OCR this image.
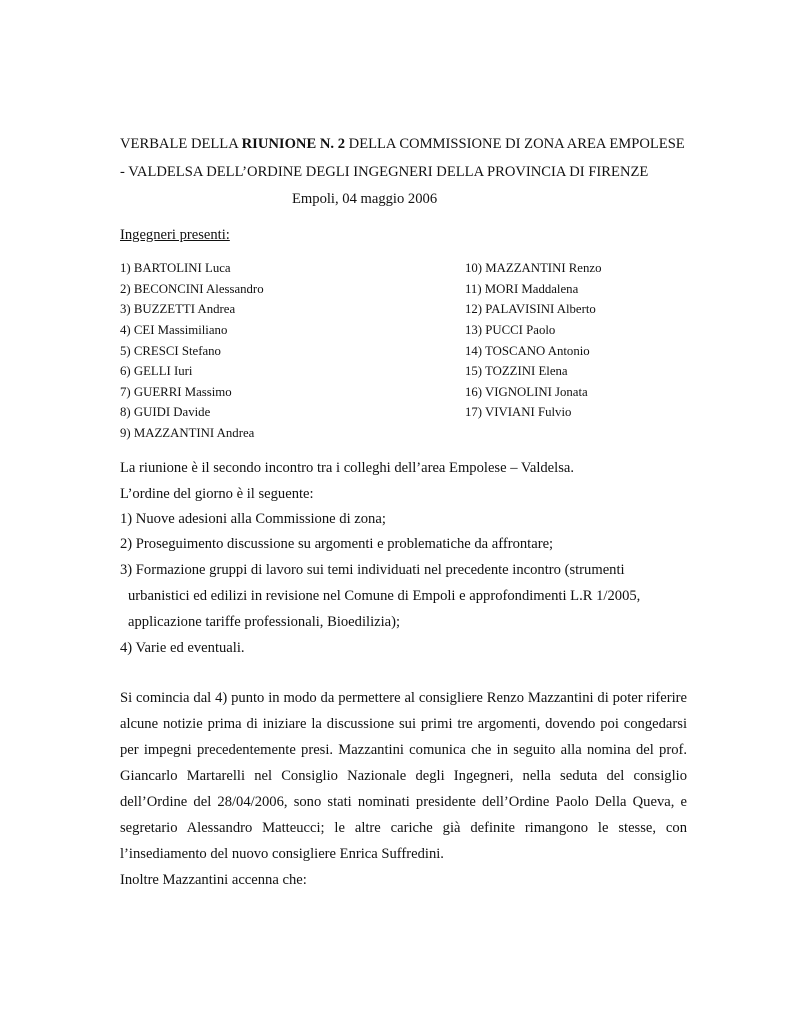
VERBALE DELLA RIUNIONE N. 2 DELLA COMMISSIONE DI ZONA AREA EMPOLESE
- VALDELSA DELL’ORDINE DEGLI INGEGNERI DELLA PROVINCIA DI FIRENZE
Empoli, 04 maggio 2006
Ingegneri presenti:
1) BARTOLINI Luca
2) BECONCINI Alessandro
3) BUZZETTI Andrea
4) CEI Massimiliano
5) CRESCI Stefano
6) GELLI Iuri
7) GUERRI Massimo
8) GUIDI Davide
9) MAZZANTINI Andrea
10) MAZZANTINI Renzo
11) MORI Maddalena
12) PALAVISINI Alberto
13) PUCCI Paolo
14) TOSCANO Antonio
15) TOZZINI Elena
16) VIGNOLINI Jonata
17) VIVIANI Fulvio
La riunione è il secondo incontro tra i colleghi dell’area Empolese – Valdelsa.
L’ordine del giorno è il seguente:
1) Nuove adesioni alla Commissione di zona;
2) Proseguimento discussione su argomenti e problematiche da affrontare;
3) Formazione gruppi di lavoro sui temi individuati nel precedente incontro (strumenti
urbanistici ed edilizi in revisione nel Comune di Empoli e approfondimenti L.R 1/2005,
applicazione tariffe professionali, Bioedilizia);
4) Varie ed eventuali.
Si comincia dal 4) punto in modo da permettere al consigliere Renzo Mazzantini di poter riferire
alcune notizie prima di iniziare la discussione sui primi tre argomenti, dovendo poi congedarsi
per impegni precedentemente presi. Mazzantini comunica che in seguito alla nomina del prof.
Giancarlo Martarelli nel Consiglio Nazionale degli Ingegneri, nella seduta del consiglio
dell’Ordine del 28/04/2006, sono stati nominati presidente dell’Ordine Paolo Della Queva, e
segretario Alessandro Matteucci; le altre cariche già definite rimangono le stesse, con
l’insediamento del nuovo consigliere Enrica Suffredini.
Inoltre Mazzantini accenna che:
